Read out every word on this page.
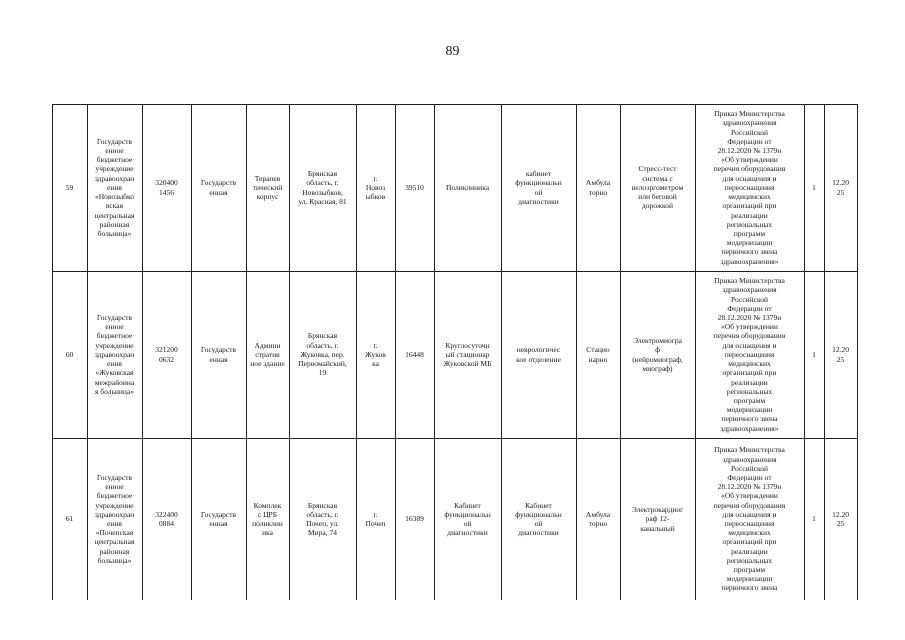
89
59
Государств
енное
бюджетное
учреждение
здравоохран
ения
«Новозыбко
вская
центральная
районная
больница»
320400
1456
Государств
енная
Терапев
тический
корпус
Брянская
область, г.
Новозыбков,
ул. Красная, 81
г.
Новоз
ыбков
39510	Поликлиника
кабинет
функциональн
ой
диагностики
Амбула
торно
Стресс-тест
система с
велоэргометром
или беговой
дорожкой
Приказ Министерства
здравоохранения
Российской
Федерации от
28.12.2020 № 1379н
«Об утверждении
перечня оборудования
для оснащения и
переоснащения
медицинских
организаций при
реализации
региональных
программ
модернизации
первичного звена
здравоохранения»
1
12.20
25
60
Государств
енное
бюджетное
учреждение
здравоохран
ения
«Жуковская
межрайонна
я больница»
321200
0632
Государств
енная
Админи
стратив
ное здание
Брянская
область, г.
Жуковка, пер.
Первомайский,
19
г.
Жуков
ка
16448
Круглосуточн
ый стационар
Жуковской МБ
неврологичес
кое отделение
Стацио
нарно
Электромиогра
ф
(нейромиограф,
миограф)
Приказ Министерства
здравоохранения
Российской
Федерации от
28.12.2020 № 1379н
«Об утверждении
перечня оборудования
для оснащения и
переоснащения
медицинских
организаций при
реализации
региональных
программ
модернизации
первичного звена
здравоохранения»
1
12.20
25
61
Государств
енное
бюджетное
учреждение
здравоохран
ения
«Почепская
центральная
районная
больница»
322400
0884
Государств
енная
Комплек
с ЦРБ
поликлин
ика
Брянская
область, г.
Почеп, ул.
Мира, 74
г.
Почеп
16389
Кабинет
функциональн
ой
диагностики
Кабинет
функциональн
ой
диагностики
Амбула
торно
Электрокардиог
раф 12-
канальный
Приказ Министерства
здравоохранения
Российской
Федерации от
28.12.2020 № 1379н
«Об утверждении
перечня оборудования
для оснащения и
переоснащения
медицинских
организаций при
реализации
региональных
программ
модернизации
первичного звена
1
12.20
25
